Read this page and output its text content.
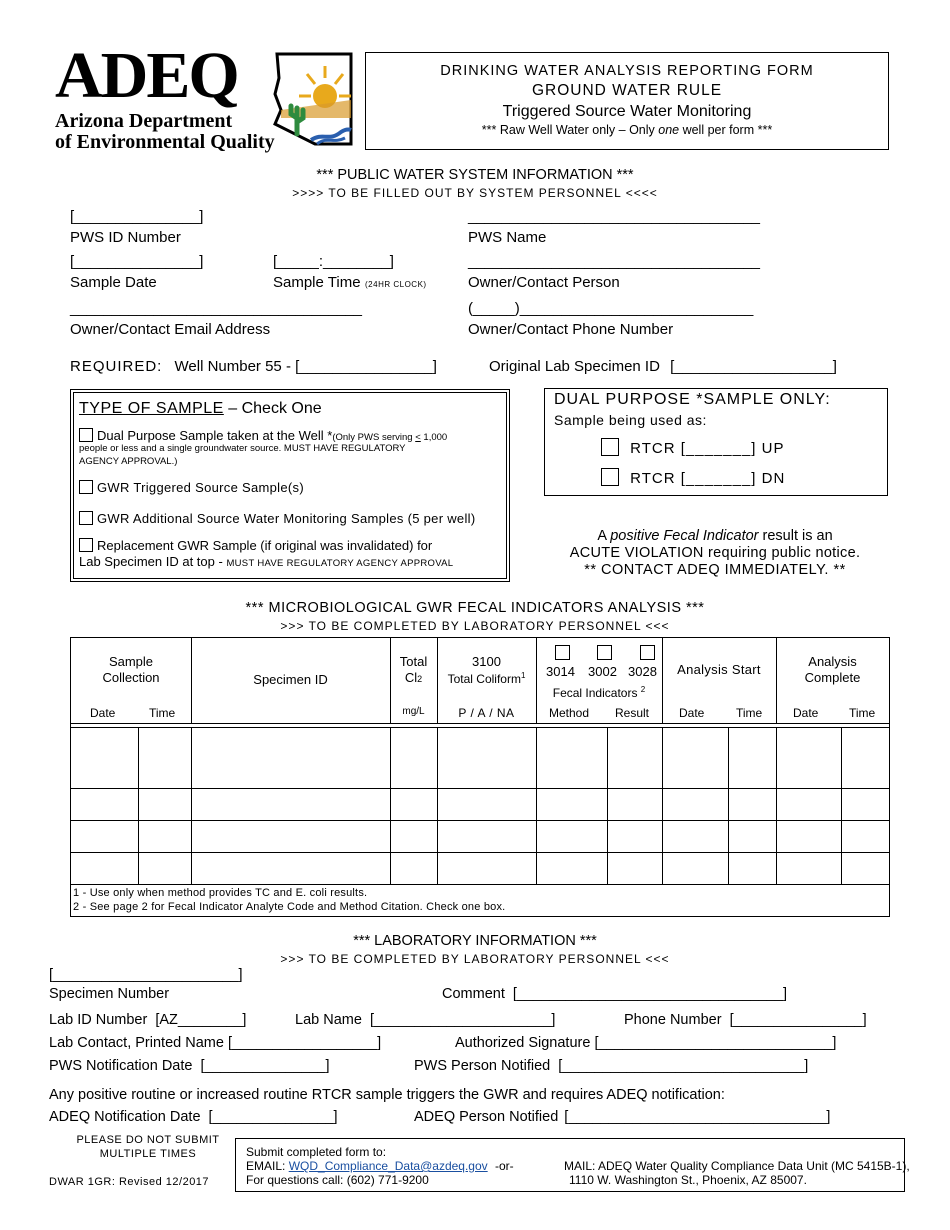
ADEQ
Arizona Department
of Environmental Quality
DRINKING WATER ANALYSIS REPORTING FORM
GROUND WATER RULE
Triggered Source Water Monitoring
*** Raw Well Water only – Only one well per form ***
*** PUBLIC WATER SYSTEM INFORMATION ***
>>>> TO BE FILLED OUT BY SYSTEM PERSONNEL <<<<
[_______________]
PWS ID Number
___________________________________
PWS Name
[_______________]
Sample Date
[_____:________]
Sample Time (24HR CLOCK)
___________________________________
Owner/Contact Person
___________________________________
Owner/Contact Email Address
(_____)____________________________
Owner/Contact Phone Number
REQUIRED: Well Number 55 - [________________]	Original Lab Specimen ID [___________________]
TYPE OF SAMPLE – Check One
Dual Purpose Sample taken at the Well *(Only PWS serving < 1,000
people or less and a single groundwater source. MUST HAVE REGULATORY
AGENCY APPROVAL.)
GWR Triggered Source Sample(s)
GWR Additional Source Water Monitoring Samples (5 per well)
Replacement GWR Sample (if original was invalidated) for
Lab Specimen ID at top - MUST HAVE REGULATORY AGENCY APPROVAL
DUAL PURPOSE *SAMPLE ONLY:
Sample being used as:
RTCR [_______] UP
RTCR [_______] DN
A positive Fecal Indicator result is an
ACUTE VIOLATION requiring public notice.
** CONTACT ADEQ IMMEDIATELY. **
*** MICROBIOLOGICAL GWR FECAL INDICATORS ANALYSIS ***
>>> TO BE COMPLETED BY LABORATORY PERSONNEL <<<
Sample
Collection
Date	Time
Specimen ID
Total
Cl2
mg/L
3100
Total Coliform$^1$
P / A / NA
3014 3002 3028
Fecal Indicators $^2$
Method Result
Analysis Start
Date	Time
Analysis
Complete
Date	Time
1 - Use only when method provides TC and E. coli results.
2 - See page 2 for Fecal Indicator Analyte Code and Method Citation. Check one box.
*** LABORATORY INFORMATION ***
>>> TO BE COMPLETED BY LABORATORY PERSONNEL <<<
[_______________________]
Specimen Number	Comment [_________________________________]
Lab ID Number [AZ________]	Lab Name [______________________]	Phone Number [________________]
Lab Contact, Printed Name [__________________]	Authorized Signature [_____________________________]
PWS Notification Date [_______________]	PWS Person Notified [______________________________]
Any positive routine or increased routine RTCR sample triggers the GWR and requires ADEQ notification:
ADEQ Notification Date [_______________]	ADEQ Person Notified [________________________________]
PLEASE DO NOT SUBMIT
MULTIPLE TIMES
DWAR 1GR: Revised 12/2017
Submit completed form to:
EMAIL: WQD_Compliance_Data@azdeq.gov -or-	MAIL: ADEQ Water Quality Compliance Data Unit (MC 5415B-1),
For questions call: (602) 771-9200	1110 W. Washington St., Phoenix, AZ 85007.
